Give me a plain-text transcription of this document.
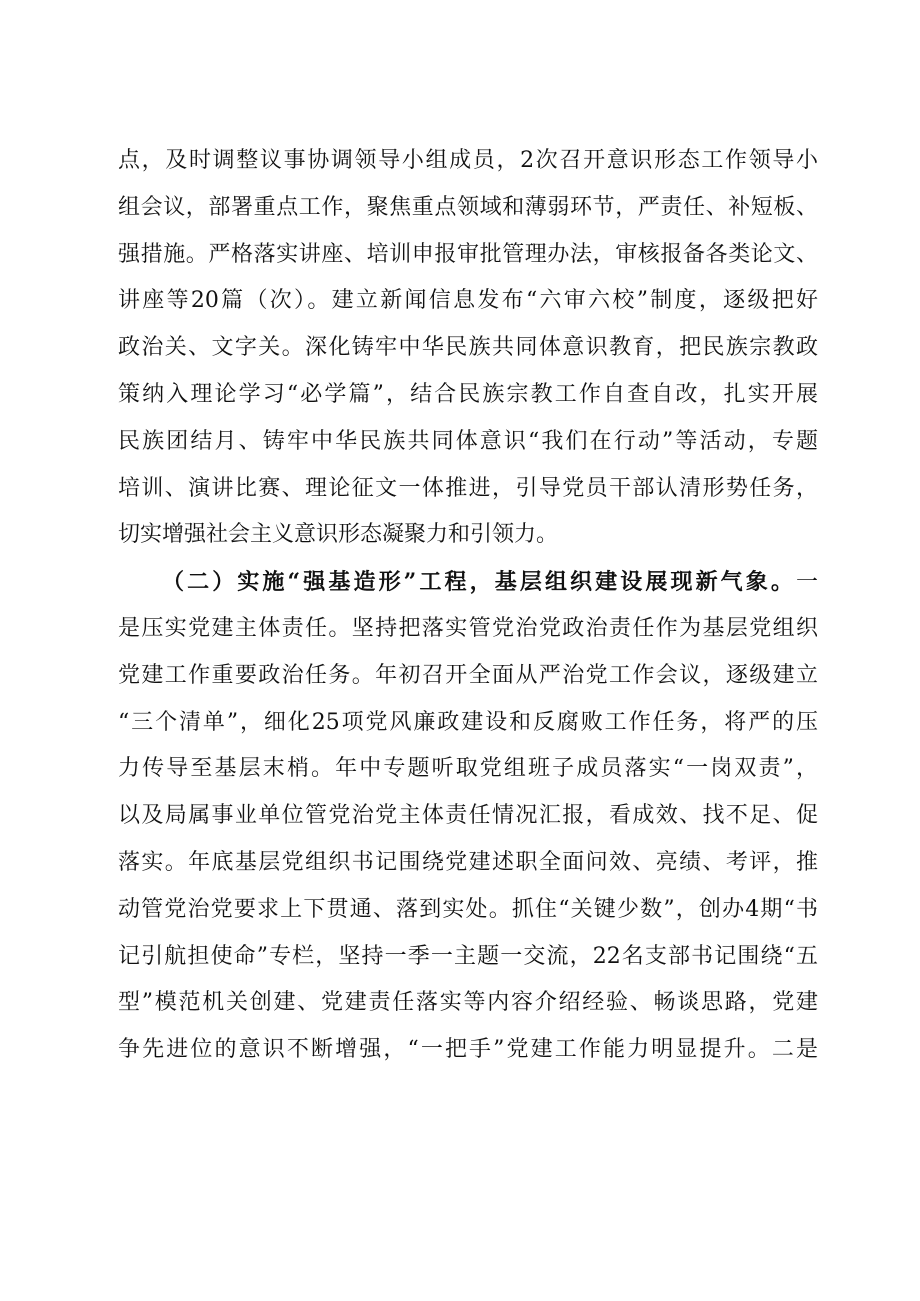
点，及时调整议事协调领导小组成员，2次召开意识形态工作领导小
组会议，部署重点工作，聚焦重点领域和薄弱环节，严责任、补短板、
强措施。严格落实讲座、培训申报审批管理办法，审核报备各类论文、
讲座等20篇（次）。建立新闻信息发布“六审六校”制度，逐级把好
政治关、文字关。深化铸牢中华民族共同体意识教育，把民族宗教政
策纳入理论学习“必学篇”，结合民族宗教工作自查自改，扎实开展
民族团结月、铸牢中华民族共同体意识“我们在行动”等活动，专题
培训、演讲比赛、理论征文一体推进，引导党员干部认清形势任务，
切实增强社会主义意识形态凝聚力和引领力。
（二）实施“强基造形”工程，基层组织建设展现新气象。一
是压实党建主体责任。坚持把落实管党治党政治责任作为基层党组织
党建工作重要政治任务。年初召开全面从严治党工作会议，逐级建立
“三个清单”，细化25项党风廉政建设和反腐败工作任务，将严的压
力传导至基层末梢。年中专题听取党组班子成员落实“一岗双责”，
以及局属事业单位管党治党主体责任情况汇报，看成效、找不足、促
落实。年底基层党组织书记围绕党建述职全面问效、亮绩、考评，推
动管党治党要求上下贯通、落到实处。抓住“关键少数”，创办4期“书
记引航担使命”专栏，坚持一季一主题一交流，22名支部书记围绕“五
型”模范机关创建、党建责任落实等内容介绍经验、畅谈思路，党建
争先进位的意识不断增强，“一把手”党建工作能力明显提升。二是
